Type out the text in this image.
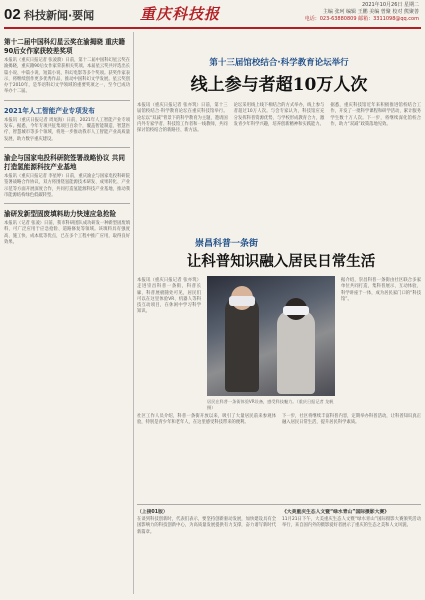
02 科技新闻·要闻	重庆科技报	2021年10月26日 星期二
主编 张珂 编辑 王鹏 美编 曾聚 校对 熊聚善
电话：023-63880809 邮箱：3311098@qq.com
第十二届中国科幻星云奖在渝揭晓 重庆籍90后女作家获较差奖项
本报讯（重庆日报记者 张凌漪）日前，第十二届中国科幻星云奖在渝揭晓，重庆籍90后女作家荣获相关奖项。本届星云奖共评选出长篇小说、中篇小说、短篇小说、科幻电影等多个奖项。获奖作家表示，将继续创作更多优秀作品，推动中国科幻文学发展。星云奖创办于2010年，是华语科幻文学领域的重要奖项之一，至今已成功举办十二届。
2021年人工智能产业专项发布
本报讯（重庆日报记者 周尾海）日前，2021年人工智能产业专项发布。据悉，今年专项共征集项目百余个，覆盖智能制造、智慧医疗、智慧城市等多个领域，将进一步推动我市人工智能产业高质量发展，助力数字重庆建设。
渝企与国家电投科研院签署战略协议 共同打造氢能源科技产业基地
本报讯（重庆日报记者 李星婷）日前，重庆渝企与国家电投科研院签署战略合作协议，双方将围绕氢能源技术研发、成果转化、产业示范等方面开展深度合作，共同打造氢能源科技产业基地，推动我市能源结构绿色低碳转型。
渝研发新型固废填料助力快速应急抢险
本报讯（记者 张凌）日前，我市科研团队成功研发一种新型固废填料，可广泛应用于应急抢险、道路修复等领域。该填料具有强度高、施工快、成本低等优点，已在多个工程中推广应用，取得良好效果。
第十三届馆校结合·科学教育论坛举行
线上参与者超10万人次
本报讯（重庆日报记者 张亦筑）日前，第十三届馆校结合·科学教育论坛在重庆科技馆举行。论坛以“双减”背景下的科学教育为主题，邀请国内外专家学者、科技馆工作者和一线教师，共同探讨馆校结合的新路径、新方法。
论坛采用线上线下相结合的方式举办，线上参与者超过10万人次。与会专家认为，科技馆应充分发挥科普资源优势，与学校形成教育合力，激发青少年科学兴趣，培养创新精神和实践能力。
据悉，重庆科技馆近年来积极推进馆校结合工作，开发了一批科学课程和研学活动，累计服务学生数十万人次。下一步，将继续深化馆校合作，助力“双减”政策落地见效。
崇昌科普一条街
让科普知识融入居民日常生活
本报讯（重庆日报记者 张亦筑）走进崇昌科普一条街，科普长廊、科普展板随处可见，居民们可以在这里体验VR、机器人等科技互动项目，在休闲中学习科学知识。
居民在科普一条街体验VR设备，感受科技魅力。（重庆日报记者 龙帆 摄）
据介绍，崇昌科普一条街由社区联合多家单位共同打造，集科普展示、互动体验、科学讲座于一体，成为居民家门口的“科技馆”。
社区工作人员介绍，科普一条街开放以来，吸引了大量居民前来参观体验，特别是青少年和老年人，在这里感受科技带来的便利。
下一步，社区将继续丰富科普内容，定期举办科普活动，让科普知识真正融入居民日常生活，提升居民科学素质。
（上接01版）
在谈到科技创新时，代表们表示，要坚持创新驱动发展，加快建设具有全国影响力的科技创新中心，为高质量发展提供有力支撑，奋力谱写新时代新篇章。
《大美重庆生态人文暨“绿水青山”国际摄影大赛》
11月21日下午，大美重庆生态人文暨“绿水青山”国际摄影大赛颁奖活动举行，来自国内外的摄影爱好者展示了重庆的生态之美和人文风貌。
